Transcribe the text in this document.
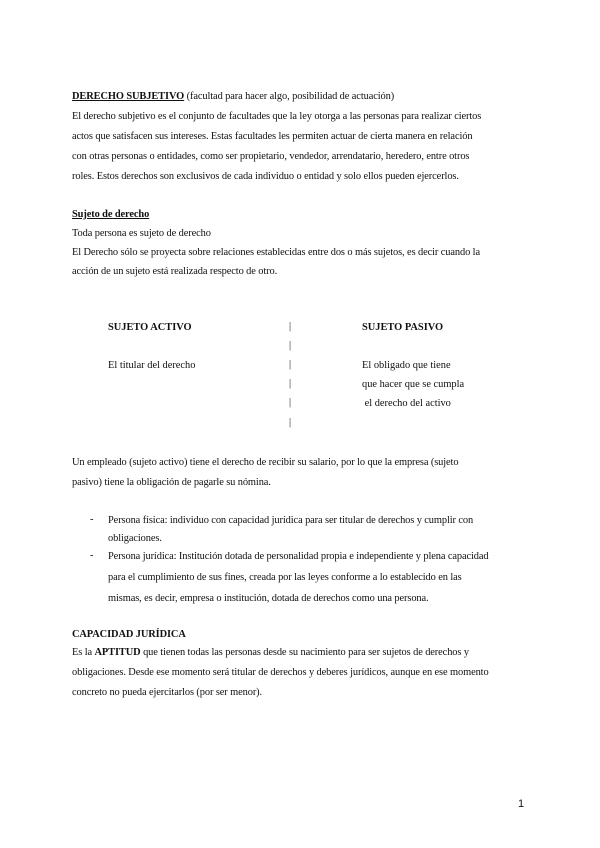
DERECHO SUBJETIVO (facultad para hacer algo, posibilidad de actuación)
El derecho subjetivo es el conjunto de facultades que la ley otorga a las personas para realizar ciertos
actos que satisfacen sus intereses. Estas facultades les permiten actuar de cierta manera en relación
con otras personas o entidades, como ser propietario, vendedor, arrendatario, heredero, entre otros
roles. Estos derechos son exclusivos de cada individuo o entidad y solo ellos pueden ejercerlos.
Sujeto de derecho
Toda persona es sujeto de derecho
El Derecho sólo se proyecta sobre relaciones establecidas entre dos o más sujetos, es decir cuando la
acción de un sujeto está realizada respecto de otro.
SUJETO ACTIVO	SUJETO PASIVO
|
|
|
|
|
|
El titular del derecho	El obligado que tiene
que hacer que se cumpla
el derecho del activo
Un empleado (sujeto activo) tiene el derecho de recibir su salario, por lo que la empresa (sujeto
pasivo) tiene la obligación de pagarle su nómina.
- Persona física: individuo con capacidad jurídica para ser titular de derechos y cumplir con
obligaciones.
- Persona jurídica: Institución dotada de personalidad propia e independiente y plena capacidad
para el cumplimiento de sus fines, creada por las leyes conforme a lo establecido en las
mismas, es decir, empresa o institución, dotada de derechos como una persona.
CAPACIDAD JURÍDICA
Es la APTITUD que tienen todas las personas desde su nacimiento para ser sujetos de derechos y
obligaciones. Desde ese momento será titular de derechos y deberes jurídicos, aunque en ese momento
concreto no pueda ejercitarlos (por ser menor).
1
